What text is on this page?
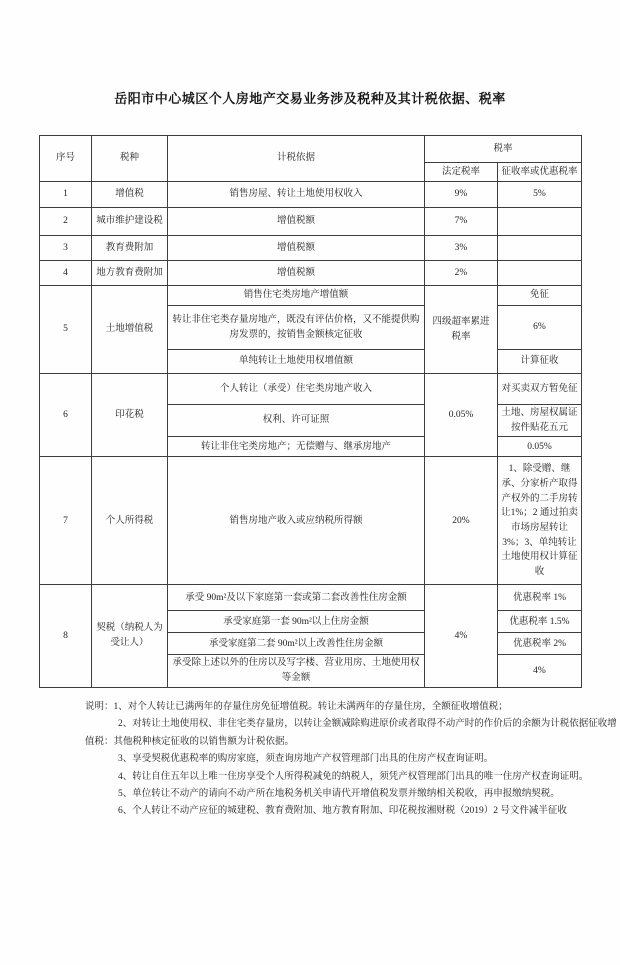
岳阳市中心城区个人房地产交易业务涉及税种及其计税依据、税率
序号	税种	计税依据	税率	
			法定税率	征收率或优惠税率
1	增值税	销售房屋、转让土地使用权收入	9%	5%
2	城市维护建设税	增值税额	7%	
3	教育费附加	增值税额	3%	
4	地方教育费附加	增值税额	2%	
5	土地增值税	销售住宅类房地产增值额	四级超率累进税率	免征
		转让非住宅类存量房地产，既没有评估价格，又不能提供购房发票的，按销售金额核定征收		6%
		单纯转让土地使用权增值额		计算征收
6	印花税	个人转让（承受）住宅类房地产收入	0.05%	对买卖双方暂免征
		权利、许可证照		土地、房屋权属证按件贴花五元
		转让非住宅类房地产；无偿赠与、继承房地产		0.05%
7	个人所得税	销售房地产收入或应纳税所得额	20%	1、除受赠、继承、分家析产取得产权外的二手房转让1%；2 通过拍卖市场房屋转让 3%；3、单纯转让土地使用权计算征收
8	契税（纳税人为受让人）	承受 90m²及以下家庭第一套或第二套改善性住房金额	4%	优惠税率 1%
		承受家庭第一套 90m²以上住房金额		优惠税率 1.5%
		承受家庭第二套 90m²以上改善性住房金额		优惠税率 2%
		承受除上述以外的住房以及写字楼、营业用房、土地使用权等金额		4%
说明：1、对个人转让已满两年的存量住房免征增值税。转让未满两年的存量住房，全额征收增值税；
2、对转让土地使用权、非住宅类存量房，以转让金额减除购进原价或者取得不动产时的作价后的余额为计税依据征收增
值税：其他税种核定征收的以销售额为计税依据。
3、享受契税优惠税率的购房家庭，须查询房地产产权管理部门出具的住房产权查询证明。
4、转让自住五年以上唯一住房享受个人所得税减免的纳税人，须凭产权管理部门出具的唯一住房产权查询证明。
5、单位转让不动产的请向不动产所在地税务机关申请代开增值税发票并缴纳相关税收，再申报缴纳契税。
6、个人转让不动产应征的城建税、教育费附加、地方教育附加、印花税按湘财税（2019）2 号文件减半征收
